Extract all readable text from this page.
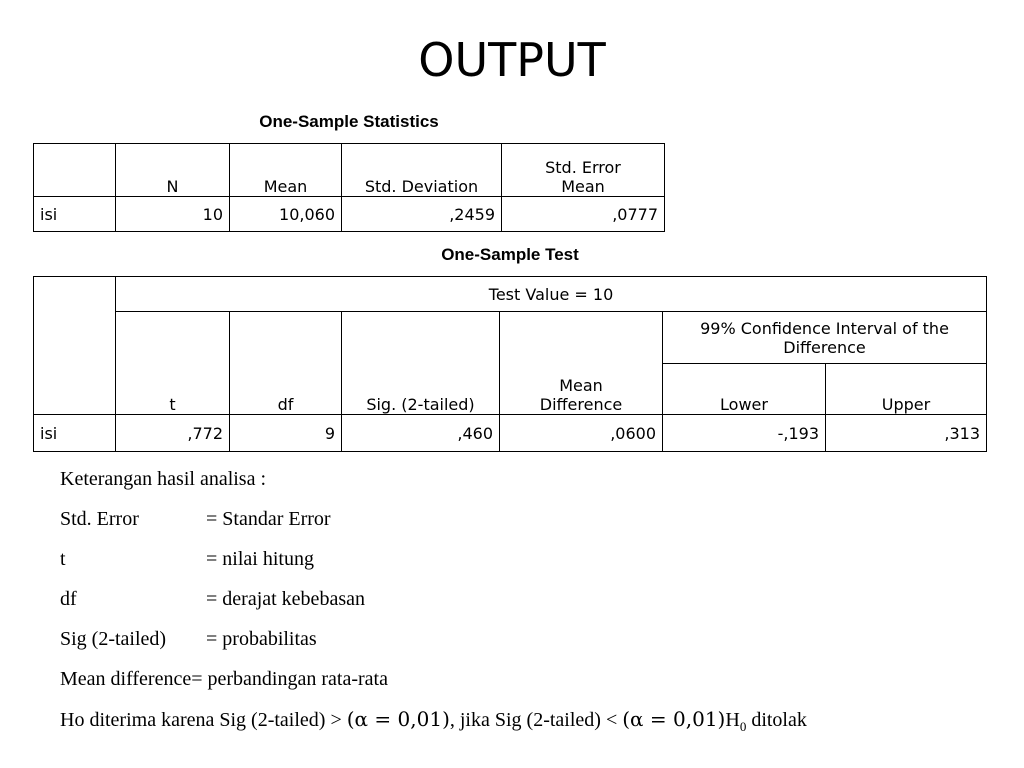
OUTPUT
One-Sample Statistics
	N	Mean	Std. Deviation	Std. Error Mean
isi	10	10,060	,2459	,0777
One-Sample Test
	Test Value = 10					
	t	df	Sig. (2-tailed)	Mean Difference	99% Confidence Interval of the Difference	
					Lower	Upper
isi	,772	9	,460	,0600	-,193	,313
Keterangan hasil analisa :
Std. Error	= Standar Error
t	= nilai hitung
df	= derajat kebebasan
Sig (2-tailed) = probabilitas
Mean difference= perbandingan rata-rata
Ho diterima karena Sig (2-tailed) > (α = 0,01), jika Sig (2-tailed) < $(\alpha = 0,01)H_0$ ditolak
